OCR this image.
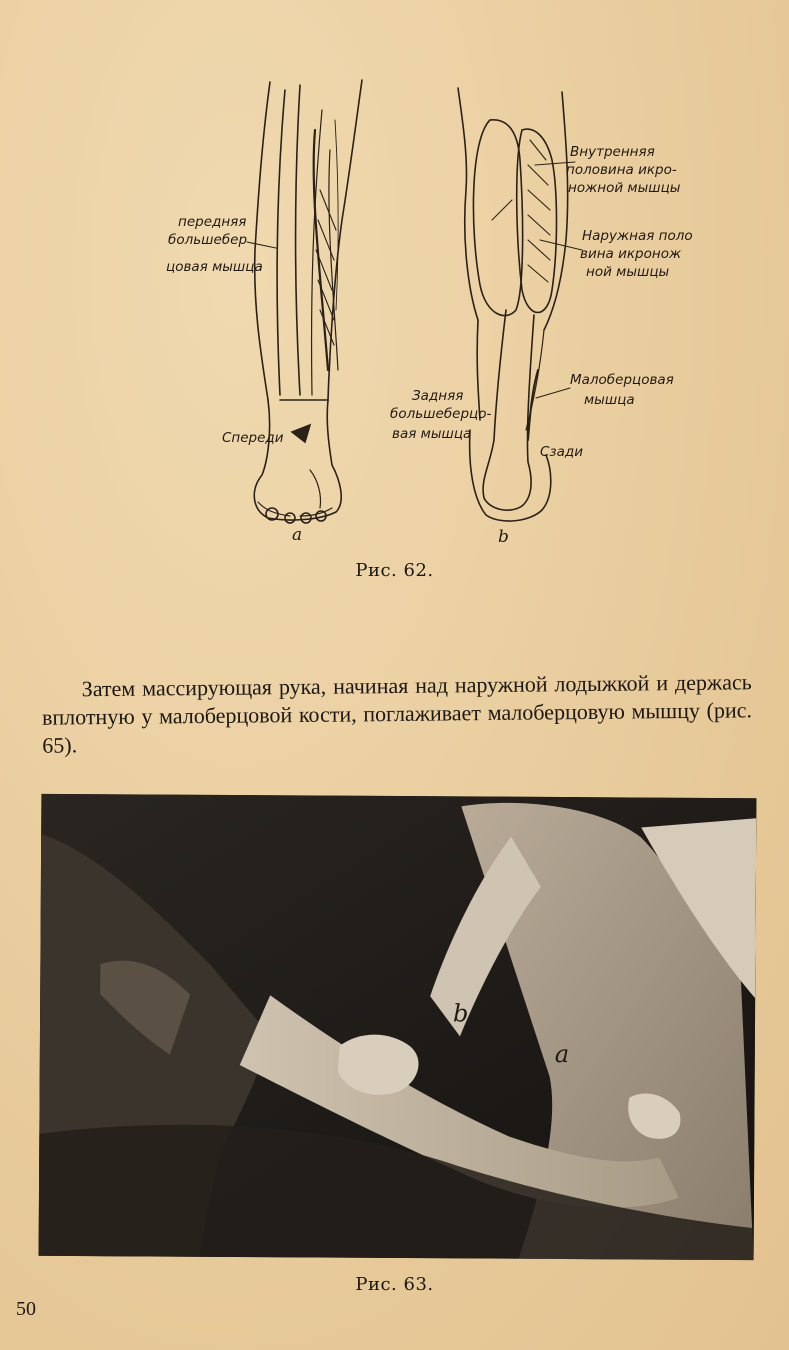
передняя
большебер
цовая мышца
Спереди
a
Внутренняя
половина икро-
ножной мышцы
Наружная поло
вина икронож
ной мышцы
Малоберцовая
мышца
Задняя
большеберцо-
вая мышца
Сзади
b
Рис. 62.
Затем массирующая рука, начиная над наружной лодыжкой и держась вплотную у малоберцовой кости, поглаживает малоберцовую мышцу (рис. 65).
b
a
Рис. 63.
50
